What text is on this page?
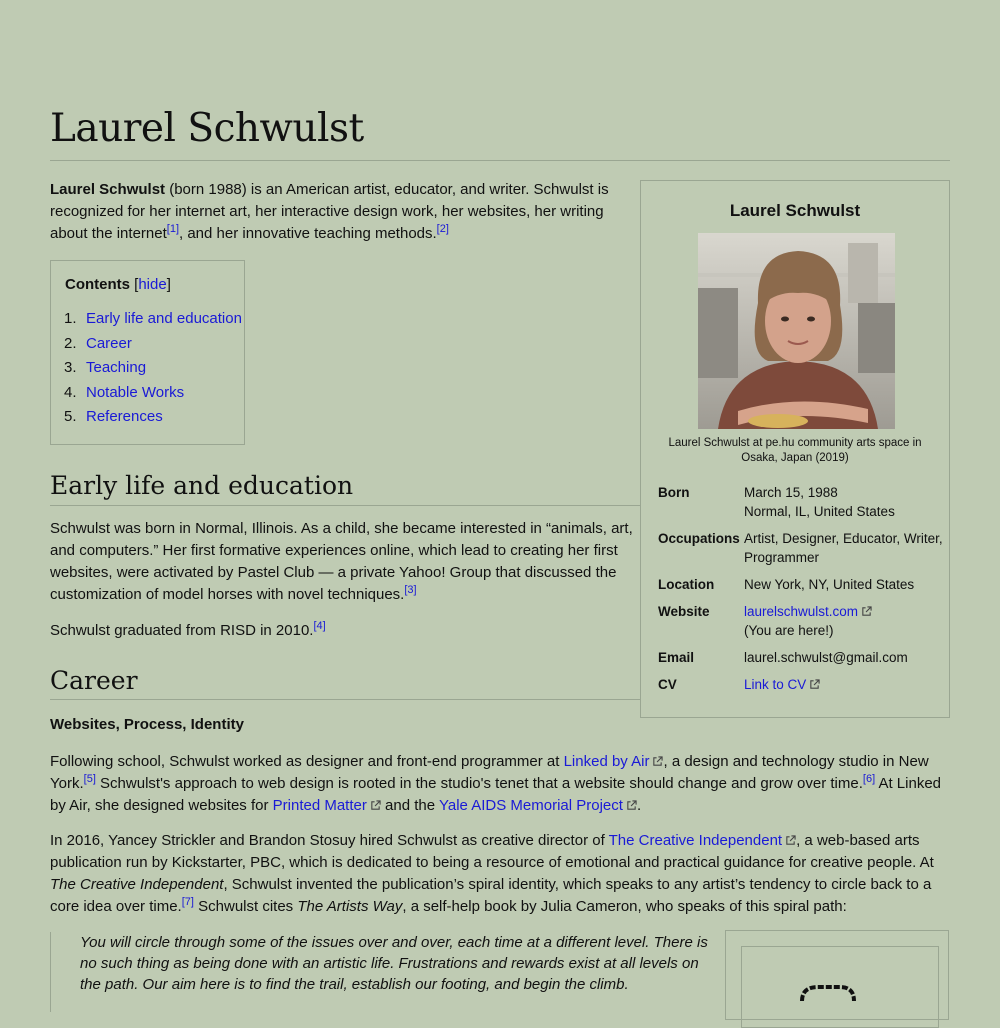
Laurel Schwulst

Laurel Schwulst (born 1988) is an American artist, educator, and writer. Schwulst is recognized for her internet art, her interactive design work, her websites, her writing about the internet[1], and her innovative teaching methods.[2]

Contents [hide]
1. Early life and education
2. Career
3. Teaching
4. Notable Works
5. References
Early life and education

Schwulst was born in Normal, Illinois. As a child, she became interested in “animals, art, and computers.” Her first formative experiences online, which lead to creating her first websites, were activated by Pastel Club — a private Yahoo! Group that discussed the customization of model horses with novel techniques.[3]

Schwulst graduated from RISD in 2010.[4]

Career

Websites, Process, Identity

Following school, Schwulst worked as designer and front-end programmer at Linked by Air , a design and technology studio in New York.[5] Schwulst's approach to web design is rooted in the studio's tenet that a website should change and grow over time.[6] At Linked by Air, she designed websites for Printed Matter and the Yale AIDS Memorial Project .

In 2016, Yancey Strickler and Brandon Stosuy hired Schwulst as creative director of The Creative Independent , a web-based arts publication run by Kickstarter, PBC, which is dedicated to being a resource of emotional and practical guidance for creative people. At The Creative Independent, Schwulst invented the publication’s spiral identity, which speaks to any artist’s tendency to circle back to a core idea over time.[7] Schwulst cites The Artists Way, a self-help book by Julia Cameron, who speaks of this spiral path:

You will circle through some of the issues over and over, each time at a different level. There is no such thing as being done with an artistic life. Frustrations and rewards exist at all levels on the path. Our aim here is to find the trail, establish our footing, and begin the climb.

Laurel Schwulst
Laurel Schwulst at pe.hu community arts space in Osaka, Japan (2019)
Born	March 15, 1988
Normal, IL, United States
Occupations Artist, Designer, Educator, Writer, Programmer
Location	New York, NY, United States
Website	laurelschwulst.com
(You are here!)
Email	laurel.schwulst@gmail.com
CV	Link to CV
